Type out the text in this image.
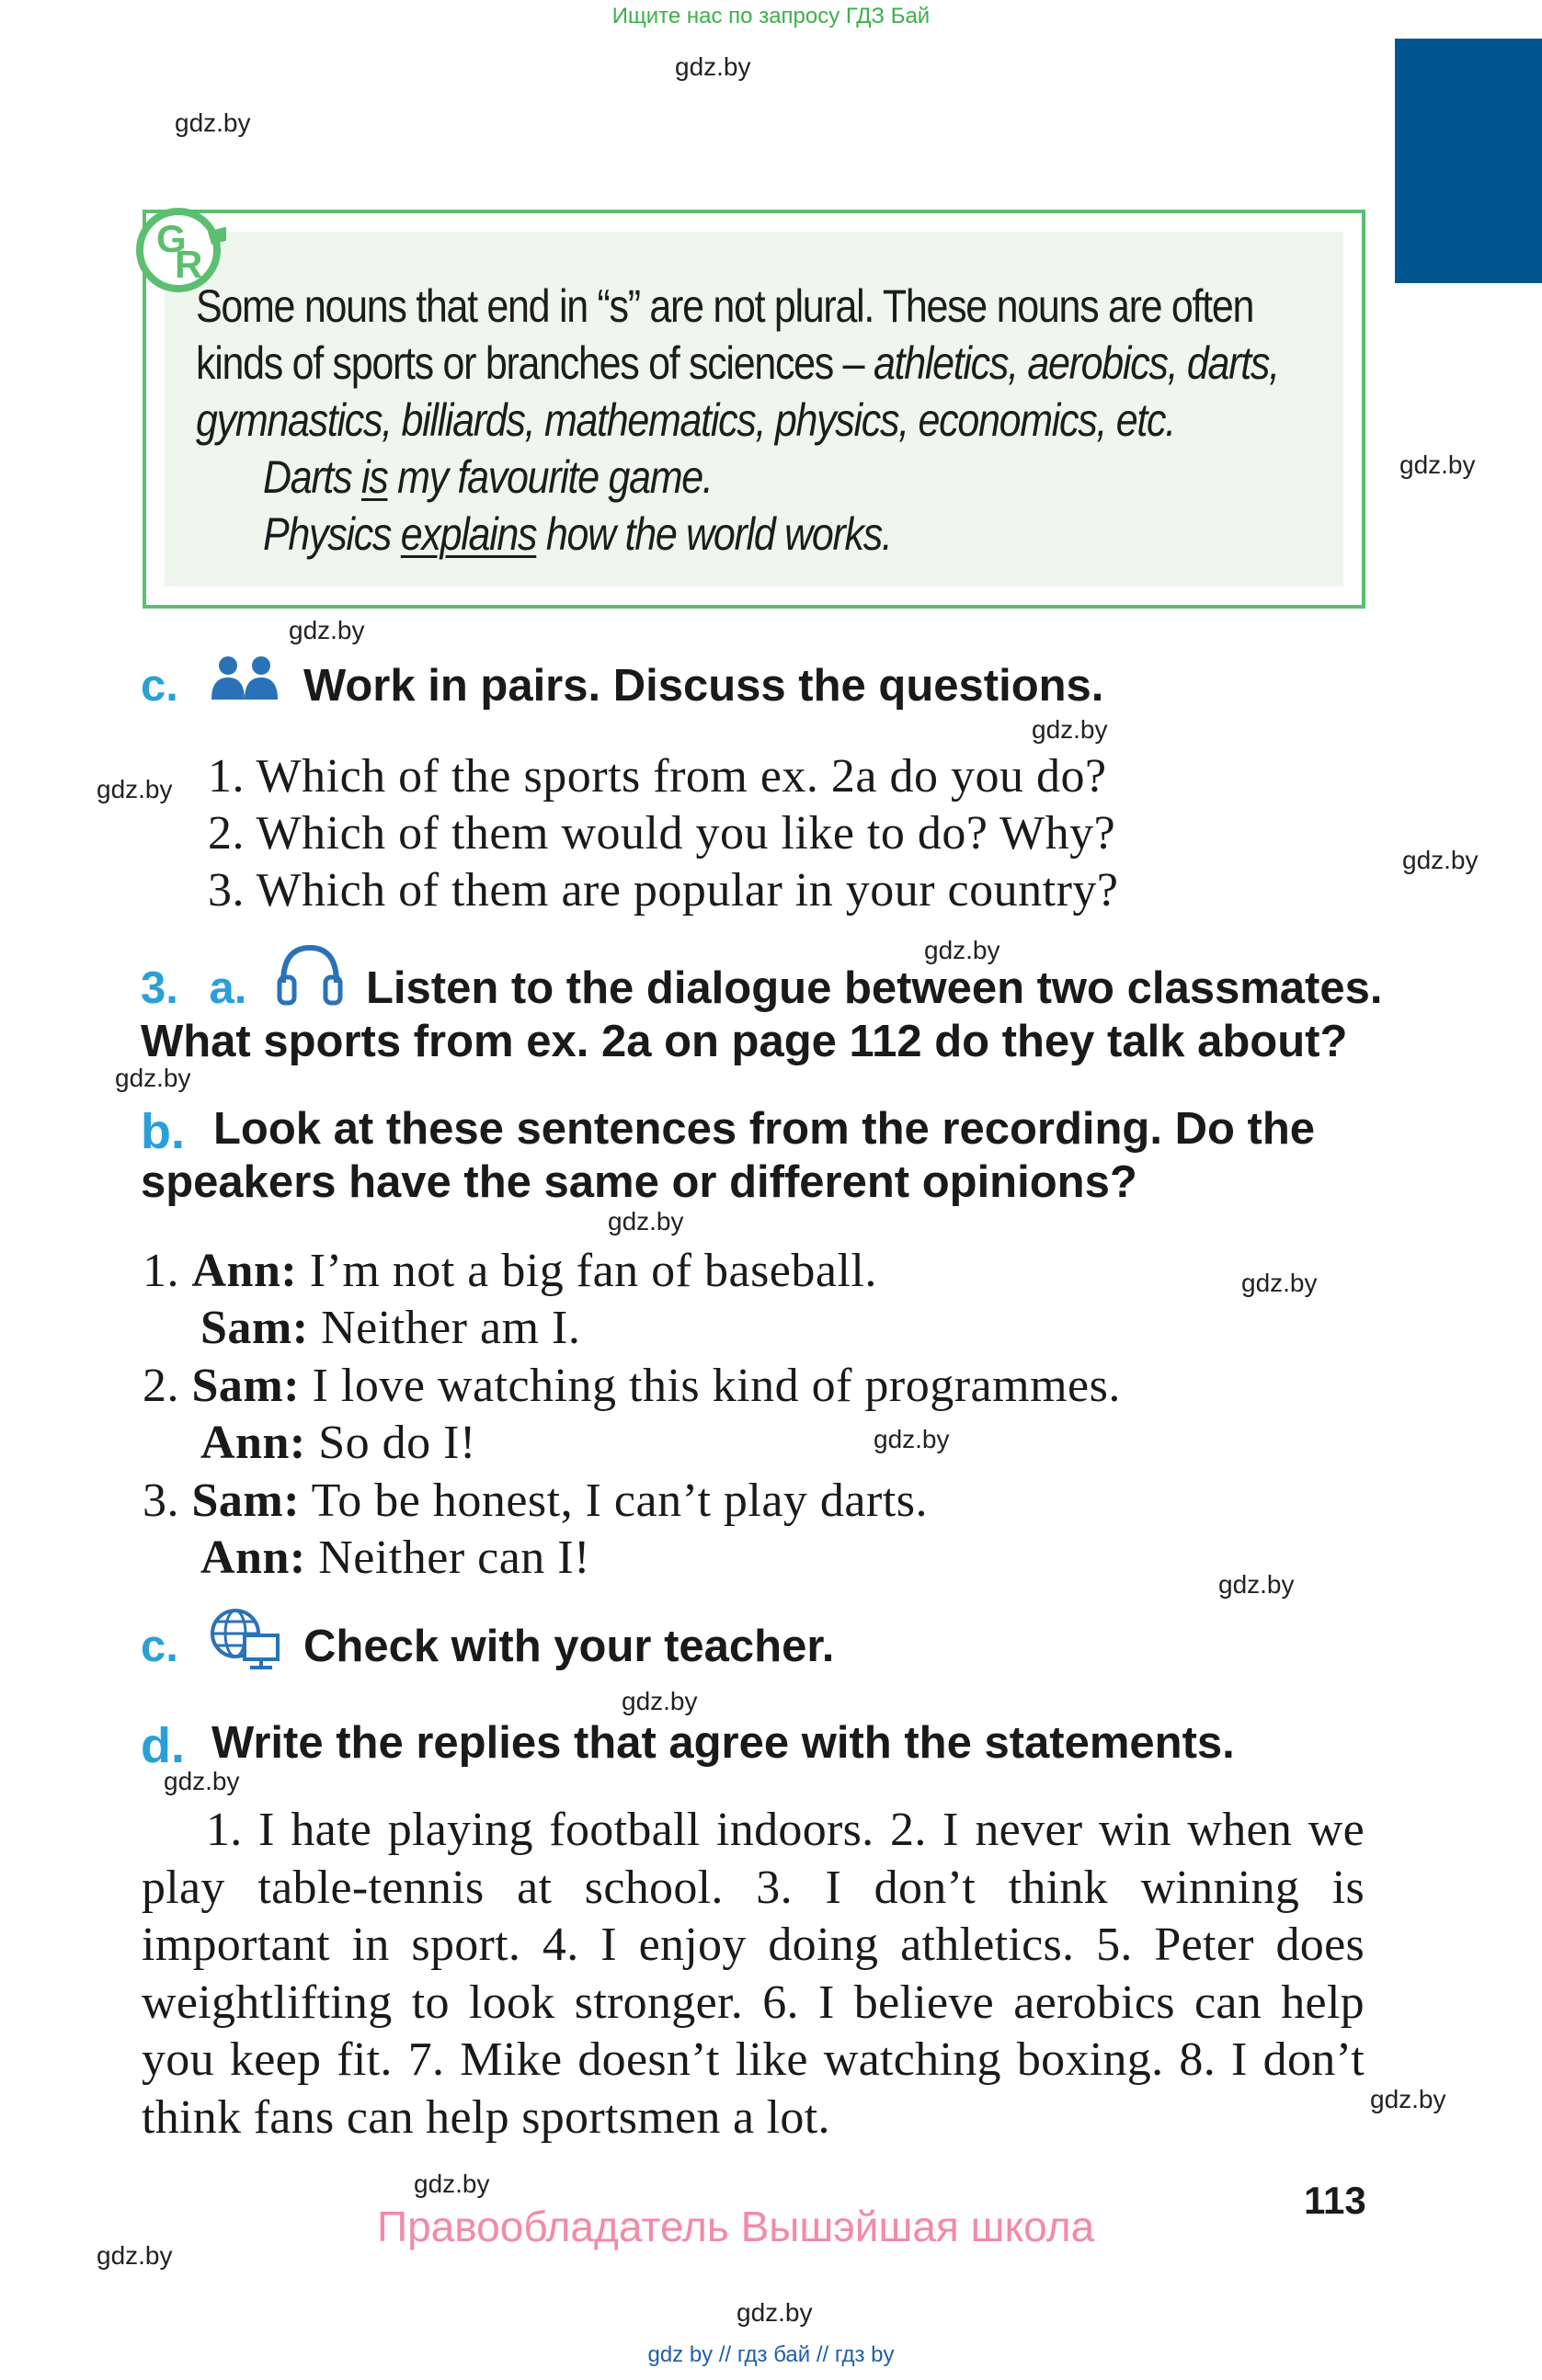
Ищите нас по запросу ГДЗ Бай
gdz.by
gdz.by
gdz.by
gdz.by
gdz.by
gdz.by
gdz.by
gdz.by
gdz.by
gdz.by
gdz.by
gdz.by
gdz.by
gdz.by
gdz.by
gdz.by
gdz.by
gdz.by
gdz.by
G
R

Some nouns that end in “s” are not plural. These nouns are often

kinds of sports or branches of sciences – athletics, aerobics, darts,

gymnastics, billiards, mathematics, physics, economics, etc.

Darts is my favourite game.

Physics explains how the world works.

c.	Work in pairs. Discuss the questions.
1. Which of the sports from ex. 2a do you do?
2. Which of them would you like to do? Why?
3. Which of them are popular in your country?
3. a.	Listen to the dialogue between two classmates.
What sports from ex. 2a on page 112 do they talk about?
b. Look at these sentences from the recording. Do the
speakers have the same or different opinions?
1. Ann: I’m not a big fan of baseball.
Sam: Neither am I.
2. Sam: I love watching this kind of programmes.
Ann: So do I!
3. Sam: To be honest, I can’t play darts.
Ann: Neither can I!
c.	Check with your teacher.
d. Write the replies that agree with the statements.
1. I hate playing football indoors. 2. I never win when we play table-tennis at school. 3. I don’t think winning is important in sport. 4. I enjoy doing athletics. 5. Peter does weightlifting to look stronger. 6. I believe aerobics can help you keep fit. 7. Mike doesn’t like watching boxing. 8. I don’t think fans can help sportsmen a lot.
113
Правообладатель Вышэйшая школа
gdz by // гдз бай // гдз by
